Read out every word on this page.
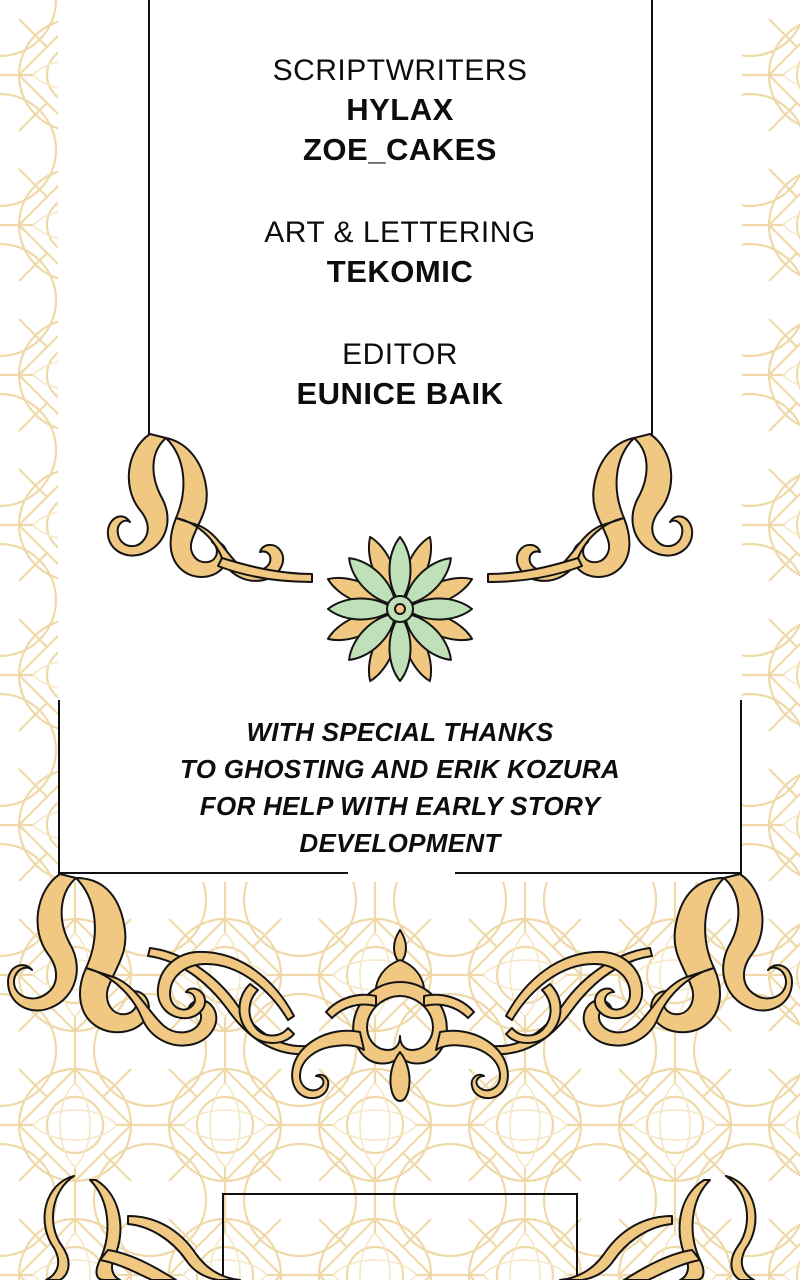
SCRIPTWRITERS
HYLAX
ZOE_CAKES
ART & LETTERING
TEKOMIC
EDITOR
EUNICE BAIK
WITH SPECIAL THANKS
TO GHOSTING AND ERIK KOZURA
FOR HELP WITH EARLY STORY
DEVELOPMENT
